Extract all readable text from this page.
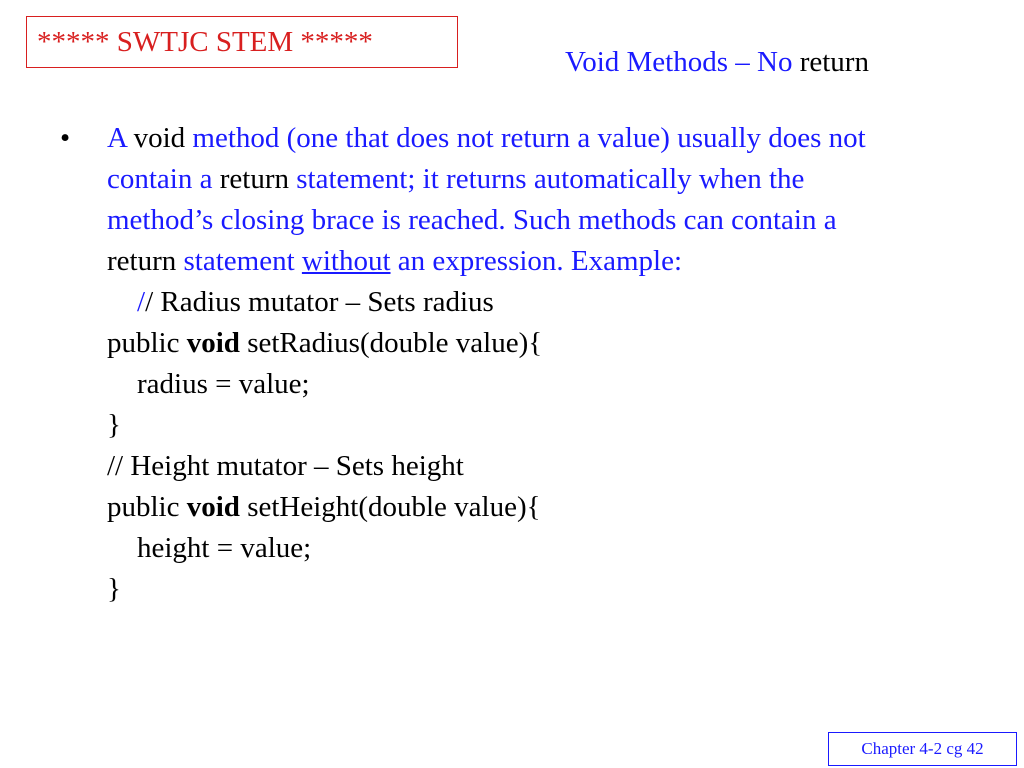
***** SWTJC STEM *****
Void Methods – No return
• A void method (one that does not return a value) usually does not
contain a return statement; it returns automatically when the
method’s closing brace is reached. Such methods can contain a
return statement without an expression. Example:
// Radius mutator – Sets radius
public void setRadius(double value){
radius = value;
}
// Height mutator – Sets height
public void setHeight(double value){
height = value;
}
Chapter 4-2 cg 42
